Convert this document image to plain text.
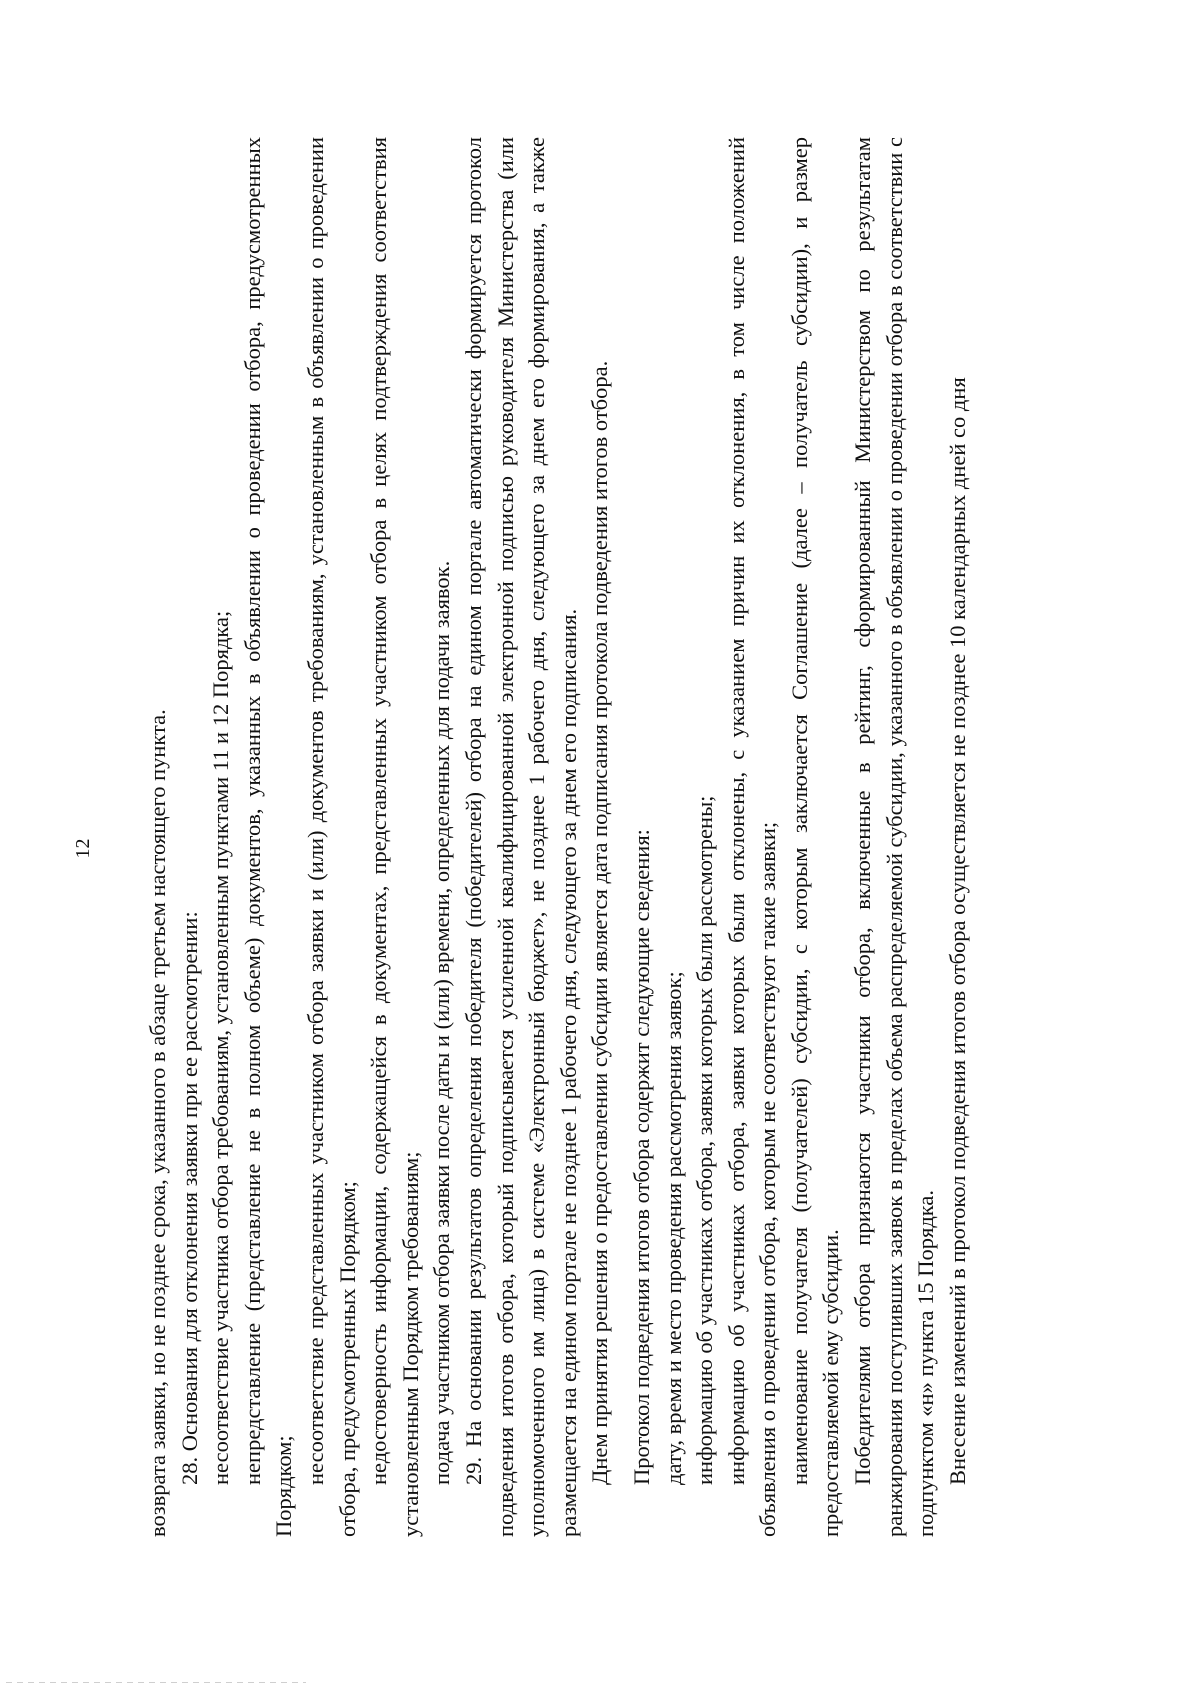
12 возврата заявки, но не позднее срока, указанного в абзаце третьем настоящего пункта. 28. Основания для отклонения заявки при ее рассмотрении: несоответствие участника отбора требованиям, установленным пунктами 11 и 12 Порядка; непредставление (представление не в полном объеме) документов, указанных в объявлении о проведении отбора, предусмотренных Порядком;

несоответствие представленных участником отбора заявки и (или) документов требованиям, установленным в объявлении о проведении отбора, предусмотренных Порядком; недостоверность информации, содержащейся в документах, представленных участником отбора в целях подтверждения соответствия установленным Порядком требованиям; подача участником отбора заявки после даты и (или) времени, определенных для подачи заявок. 29. На основании результатов определения победителя (победителей) отбора на едином портале автоматически формируется протокол подведения итогов отбора, который подписывается усиленной квалифицированной электронной подписью руководителя Министерства (или уполномоченного им лица) в системе «Электронный бюджет», не позднее 1 рабочего дня, следующего за днем его формирования, а также размещается на едином портале не позднее 1 рабочего дня, следующего за днем его подписания. Днем принятия решения о предоставлении субсидии является дата подписания протокола подведения итогов отбора. Протокол подведения итогов отбора содержит следующие сведения: дату, время и место проведения рассмотрения заявок; информацию об участниках отбора, заявки которых были рассмотрены; информацию об участниках отбора, заявки которых были отклонены, с указанием причин их отклонения, в том числе положений объявления о проведении отбора, которым не соответствуют такие заявки; наименование получателя (получателей) субсидии, с которым заключается Соглашение (далее – получатель субсидии), и размер предоставляемой ему субсидии. Победителями отбора признаются участники отбора, включенные в рейтинг, сформированный Министерством по результатам ранжирования поступивших заявок в пределах объема распределяемой субсидии, указанного в объявлении о проведении отбора в соответствии с подпунктом «н» пункта 15 Порядка. Внесение изменений в протокол подведения итогов отбора осуществляется не позднее 10 календарных дней со дня
